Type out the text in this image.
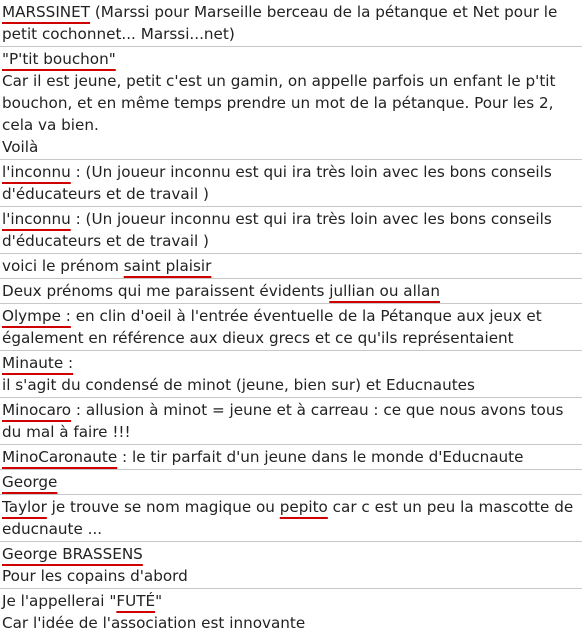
MARSSINET (Marssi pour Marseille berceau de la pétanque et Net pour le petit cochonnet... Marssi...net)

"P'tit bouchon"

Car il est jeune, petit c'est un gamin, on appelle parfois un enfant le p'tit bouchon, et en même temps prendre un mot de la pétanque. Pour les 2, cela va bien.

Voilà

l'inconnu : (Un joueur inconnu est qui ira très loin avec les bons conseils d'éducateurs et de travail )

l'inconnu : (Un joueur inconnu est qui ira très loin avec les bons conseils d'éducateurs et de travail )

voici le prénom saint plaisir

Deux prénoms qui me paraissent évidents jullian ou allan

Olympe : en clin d'oeil à l'entrée éventuelle de la Pétanque aux jeux et également en référence aux dieux grecs et ce qu'ils représentaient

Minaute :

il s'agit du condensé de minot (jeune, bien sur) et Educnautes

Minocaro : allusion à minot = jeune et à carreau : ce que nous avons tous du mal à faire !!!

MinoCaronaute : le tir parfait d'un jeune dans le monde d'Educnaute

George

Taylor je trouve se nom magique ou pepito car c est un peu la mascotte de educnaute ...

George BRASSENS

Pour les copains d'abord

Je l'appellerai "FUTÉ"

Car l'idée de l'association est innovante
